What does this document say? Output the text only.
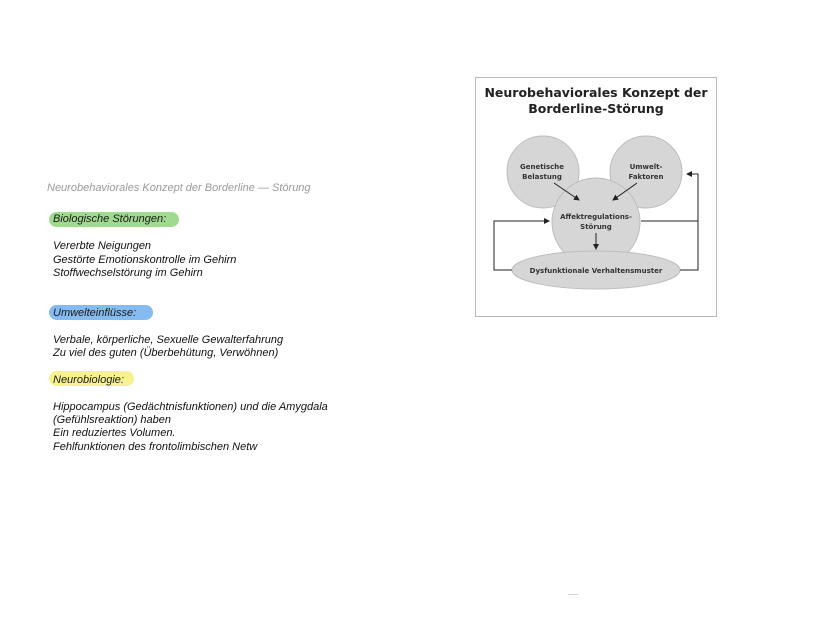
Neurobehaviorales Konzept der Borderline — Störung
Biologische Störungen:
Vererbte Neigungen
Gestörte Emotionskontrolle im Gehirn
Stoffwechselstörung im Gehirn
Umwelteinflüsse:
Verbale, körperliche, Sexuelle Gewalterfahrung
Zu viel des guten (Überbehütung, Verwöhnen)
Neurobiologie:
Hippocampus (Gedächtnisfunktionen) und die Amygdala
(Gefühlsreaktion) haben
Ein reduziertes Volumen.
Fehlfunktionen des frontolimbischen Netw
Neurobehaviorales Konzept der
Borderline-Störung
Genetische
Belastung
Umwelt-
Faktoren
Affektregulations-
Störung
Dysfunktionale Verhaltensmuster
